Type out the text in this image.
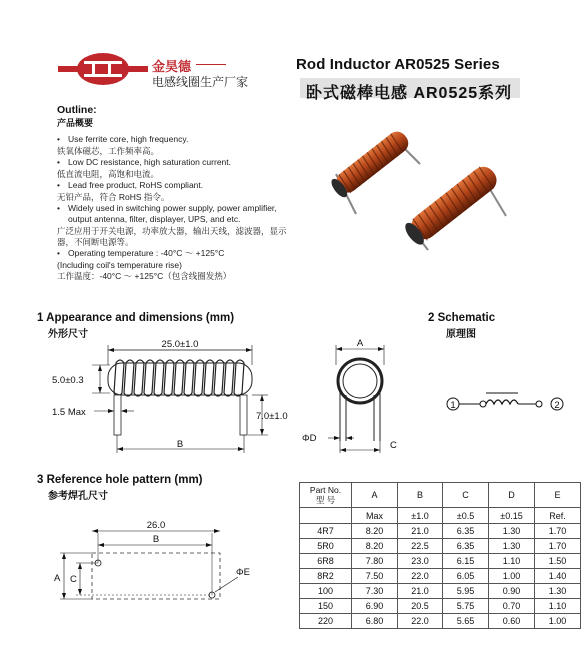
金昊德
电感线圈生产厂家
Rod Inductor AR0525 Series
卧式磁棒电感 AR0525系列
Outline:
产品概要
• Use ferrite core, high frequency.
铁氧体磁芯，工作频率高。
• Low DC resistance, high saturation current.
低直流电阻，高饱和电流。
• Lead free product, RoHS compliant.
无铅产品，符合 RoHS 指令。
• Widely used in switching power supply, power amplifier, output antenna, filter, displayer, UPS, and etc.
广泛应用于开关电源，功率放大器，输出天线，滤波器，显示器，不间断电源等。
• Operating temperature : -40°C ～ +125°C
(Including coil's temperature rise)
工作温度：-40°C ～ +125°C（包含线圈发热）
1 Appearance and dimensions (mm)
外形尺寸
25.0±1.0
5.0±0.3
1.5 Max	7.0±1.0
B
A
ΦD
C
2 Schematic
原理图
1	2
3 Reference hole pattern (mm)
参考焊孔尺寸
26.0
B
A C
ΦE
Part No.
型 号	A	B	C	D	E
	Max	±1.0	±0.5	±0.15	Ref.
4R7	8.20	21.0	6.35	1.30	1.70
5R0	8.20	22.5	6.35	1.30	1.70
6R8	7.80	23.0	6.15	1.10	1.50
8R2	7.50	22.0	6.05	1.00	1.40
100	7.30	21.0	5.95	0.90	1.30
150	6.90	20.5	5.75	0.70	1.10
220	6.80	22.0	5.65	0.60	1.00
